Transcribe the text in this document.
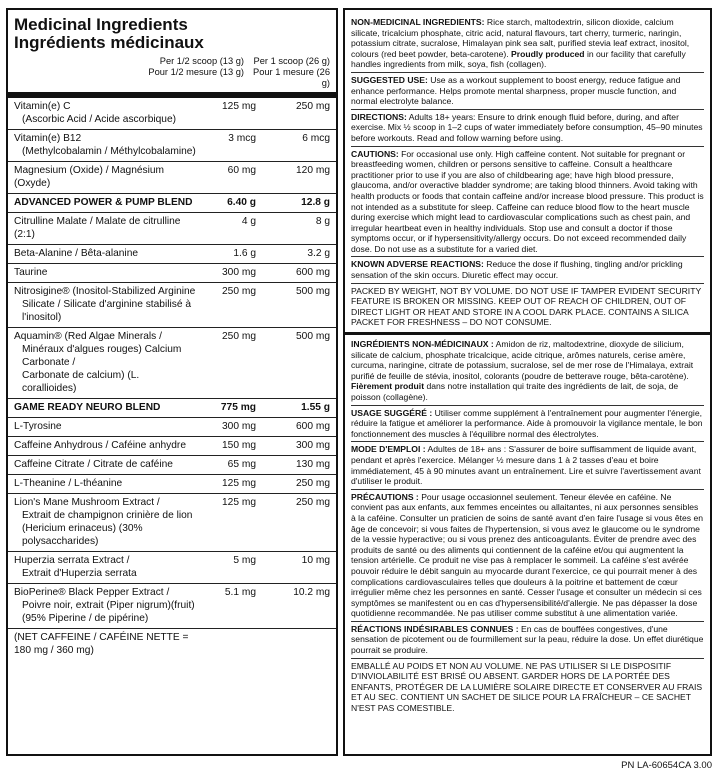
Medicinal Ingredients
Ingrédients médicinaux
Per 1/2 scoop (13 g)
Pour 1/2 mesure (13 g)
Per 1 scoop (26 g)
Pour 1 mesure (26 g)
Vitamin(e) C
(Ascorbic Acid / Acide ascorbique)
125 mg	250 mg
Vitamin(e) B12
(Methylcobalamin / Méthylcobalamine)
3 mcg	6 mcg
Magnesium (Oxide) / Magnésium (Oxyde)
60 mg	120 mg
ADVANCED POWER & PUMP BLEND	6.40 g	12.8 g
Citrulline Malate / Malate de citrulline (2:1)
4 g	8 g
Beta-Alanine / Bêta-alanine	1.6 g	3.2 g
Taurine	300 mg	600 mg
Nitrosigine® (Inositol-Stabilized Arginine
Silicate / Silicate d'arginine stabilisé à l'inositol)
250 mg	500 mg
Aquamin® (Red Algae Minerals /
Minéraux d'algues rouges) Calcium Carbonate /
Carbonate de calcium) (L. corallioides)
250 mg	500 mg
GAME READY NEURO BLEND	775 mg	1.55 g
L-Tyrosine	300 mg	600 mg
Caffeine Anhydrous / Caféine anhydre	150 mg	300 mg
Caffeine Citrate / Citrate de caféine	65 mg	130 mg
L-Theanine / L-théanine	125 mg	250 mg
Lion's Mane Mushroom Extract /
Extrait de champignon crinière de lion
(Hericium erinaceus) (30% polysaccharides)
125 mg	250 mg
Huperzia serrata Extract /
Extrait d'Huperzia serrata
5 mg	10 mg
BioPerine® Black Pepper Extract /
Poivre noir, extrait (Piper nigrum)(fruit) (95% Piperine / de pipérine)
5.1 mg	10.2 mg
(NET CAFFEINE / CAFÉINE NETTE = 180 mg / 360 mg)

NON-MEDICINAL INGREDIENTS: Rice starch, maltodextrin, silicon dioxide, calcium silicate, tricalcium phosphate, citric acid, natural flavours, tart cherry, turmeric, naringin, potassium citrate, sucralose, Himalayan pink sea salt, purified stevia leaf extract, inositol, colours (red beet powder, beta-carotene). Proudly produced in our facility that carefully handles ingredients from milk, soya, fish (collagen).

SUGGESTED USE: Use as a workout supplement to boost energy, reduce fatigue and enhance performance. Helps promote mental sharpness, proper muscle function, and normal electrolyte balance.

DIRECTIONS: Adults 18+ years: Ensure to drink enough fluid before, during, and after exercise. Mix ½ scoop in 1–2 cups of water immediately before consumption, 45–90 minutes before workouts. Read and follow warning before using.

CAUTIONS: For occasional use only. High caffeine content. Not suitable for pregnant or breastfeeding women, children or persons sensitive to caffeine. Consult a healthcare practitioner prior to use if you are also of childbearing age; have high blood pressure, glaucoma, and/or overactive bladder syndrome; are taking blood thinners. Avoid taking with health products or foods that contain caffeine and/or increase blood pressure. This product is not intended as a substitute for sleep. Caffeine can reduce blood flow to the heart muscle during exercise which might lead to cardiovascular complications such as chest pain, and irregular heartbeat even in healthy individuals. Stop use and consult a doctor if those symptoms occur, or if hypersensitivity/allergy occurs. Do not exceed recommended daily dose. Do not use as a substitute for a varied diet.

KNOWN ADVERSE REACTIONS: Reduce the dose if flushing, tingling and/or prickling sensation of the skin occurs. Diuretic effect may occur.

PACKED BY WEIGHT, NOT BY VOLUME. DO NOT USE IF TAMPER EVIDENT SECURITY FEATURE IS BROKEN OR MISSING. KEEP OUT OF REACH OF CHILDREN, OUT OF DIRECT LIGHT OR HEAT AND STORE IN A COOL DARK PLACE. CONTAINS A SILICA PACKET FOR FRESHNESS – DO NOT CONSUME.

INGRÉDIENTS NON-MÉDICINAUX : Amidon de riz, maltodextrine, dioxyde de silicium, silicate de calcium, phosphate tricalcique, acide citrique, arômes naturels, cerise amère, curcuma, naringine, citrate de potassium, sucralose, sel de mer rose de l'Himalaya, extrait purifié de feuille de stévia, inositol, colorants (poudre de betterave rouge, bêta-carotène). Fièrement produit dans notre installation qui traite des ingrédients de lait, de soja, de poisson (collagène).

USAGE SUGGÉRÉ : Utiliser comme supplément à l'entraînement pour augmenter l'énergie, réduire la fatigue et améliorer la performance. Aide à promouvoir la vigilance mentale, le bon fonctionnement des muscles à l'équilibre normal des électrolytes.

MODE D'EMPLOI : Adultes de 18+ ans : S'assurer de boire suffisamment de liquide avant, pendant et après l'exercice. Mélanger ½ mesure dans 1 à 2 tasses d'eau et boire immédiatement, 45 à 90 minutes avant un entraînement. Lire et suivre l'avertissement avant d'utiliser le produit.

PRÉCAUTIONS : Pour usage occasionnel seulement. Teneur élevée en caféine. Ne convient pas aux enfants, aux femmes enceintes ou allaitantes, ni aux personnes sensibles à la caféine. Consulter un praticien de soins de santé avant d'en faire l'usage si vous êtes en âge de concevoir; si vous faites de l'hypertension, si vous avez le glaucome ou le syndrome de la vessie hyperactive; ou si vous prenez des anticoagulants. Éviter de prendre avec des produits de santé ou des aliments qui contiennent de la caféine et/ou qui augmentent la tension artérielle. Ce produit ne vise pas à remplacer le sommeil. La caféine s'est avérée pouvoir réduire le débit sanguin au myocarde durant l'exercice, ce qui pourrait mener à des complications cardiovasculaires telles que douleurs à la poitrine et battement de cœur irrégulier même chez les personnes en santé. Cesser l'usage et consulter un médecin si ces symptômes se manifestent ou en cas d'hypersensibilité/d'allergie. Ne pas dépasser la dose quotidienne recommandée. Ne pas utiliser comme substitut à une alimentation variée.

RÉACTIONS INDÉSIRABLES CONNUES : En cas de bouffées congestives, d'une sensation de picotement ou de fourmillement sur la peau, réduire la dose. Un effet diurétique pourrait se produire.

EMBALLÉ AU POIDS ET NON AU VOLUME. NE PAS UTILISER SI LE DISPOSITIF D'INVIOLABILITÉ EST BRISÉ OU ABSENT. GARDER HORS DE LA PORTÉE DES ENFANTS, PROTÉGER DE LA LUMIÈRE SOLAIRE DIRECTE ET CONSERVER AU FRAIS ET AU SEC. CONTIENT UN SACHET DE SILICE POUR LA FRAÎCHEUR – CE SACHET N'EST PAS COMESTIBLE.

PN LA-60654CA 3.00
